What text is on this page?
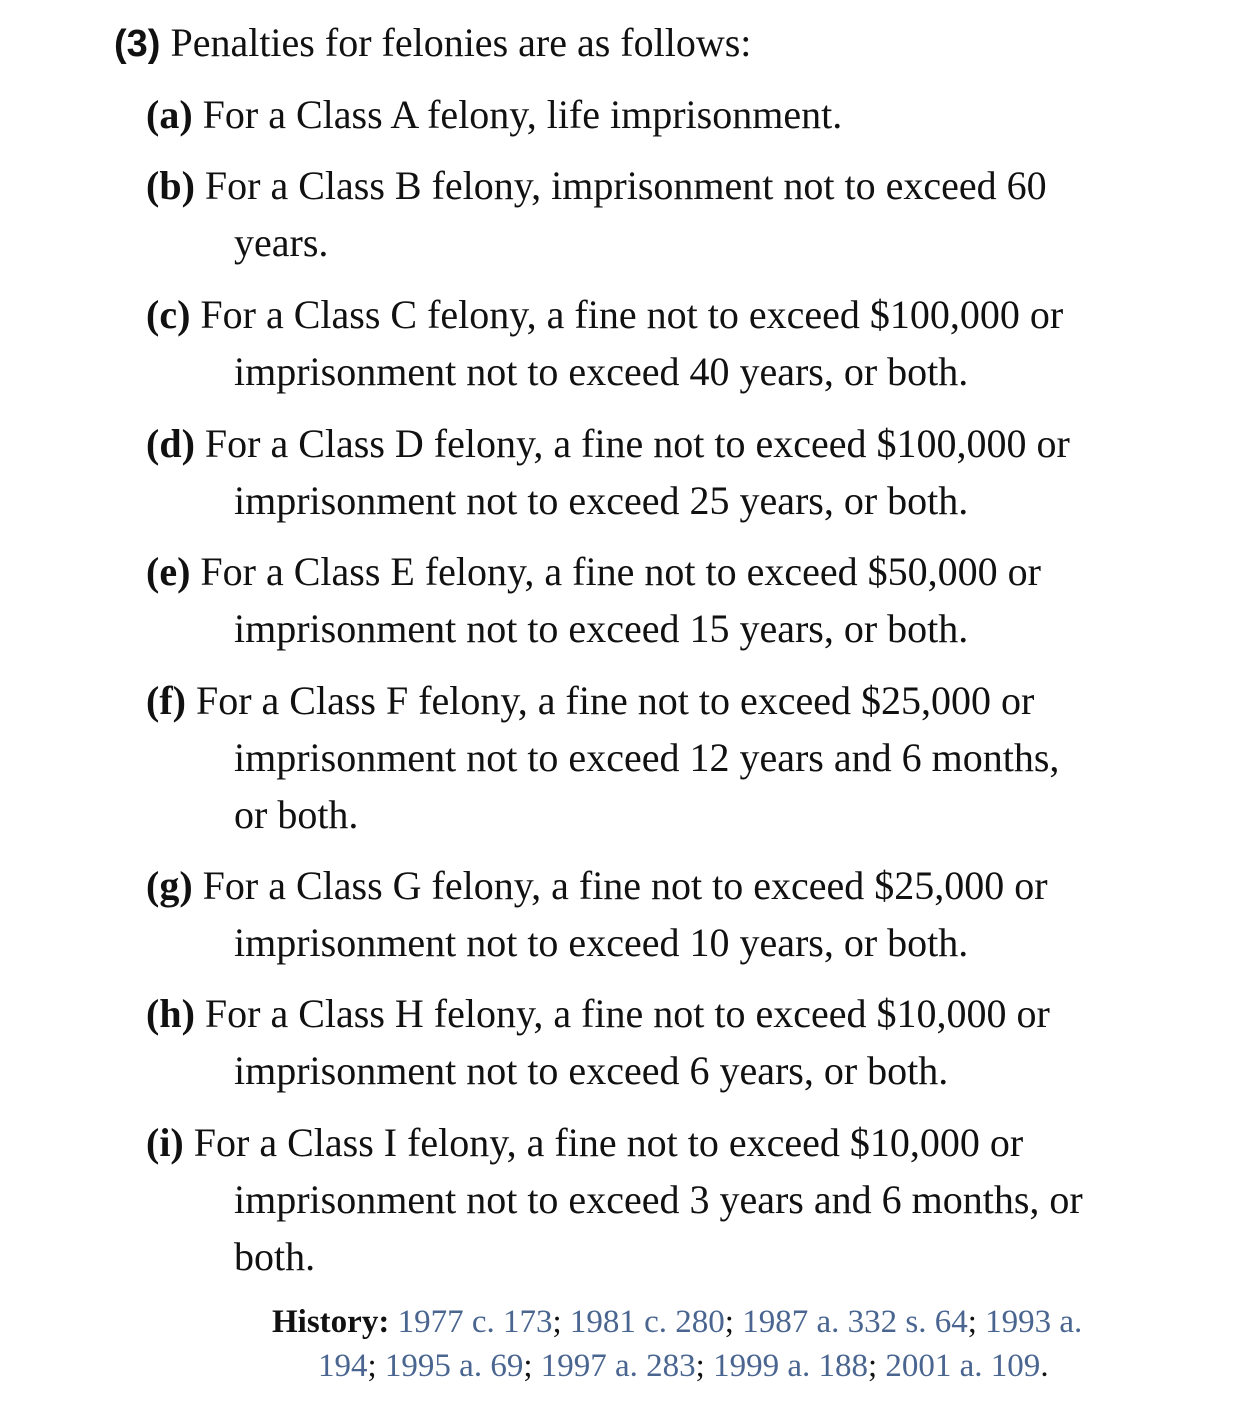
(3) Penalties for felonies are as follows:
(a) For a Class A felony, life imprisonment.
(b) For a Class B felony, imprisonment not to exceed 60
years.
(c) For a Class C felony, a fine not to exceed $100,000 or
imprisonment not to exceed 40 years, or both.
(d) For a Class D felony, a fine not to exceed $100,000 or
imprisonment not to exceed 25 years, or both.
(e) For a Class E felony, a fine not to exceed $50,000 or
imprisonment not to exceed 15 years, or both.
(f) For a Class F felony, a fine not to exceed $25,000 or
imprisonment not to exceed 12 years and 6 months,
or both.
(g) For a Class G felony, a fine not to exceed $25,000 or
imprisonment not to exceed 10 years, or both.
(h) For a Class H felony, a fine not to exceed $10,000 or
imprisonment not to exceed 6 years, or both.
(i) For a Class I felony, a fine not to exceed $10,000 or
imprisonment not to exceed 3 years and 6 months, or
both.
History: 1977 c. 173; 1981 c. 280; 1987 a. 332 s. 64; 1993 a.
194; 1995 a. 69; 1997 a. 283; 1999 a. 188; 2001 a. 109.
